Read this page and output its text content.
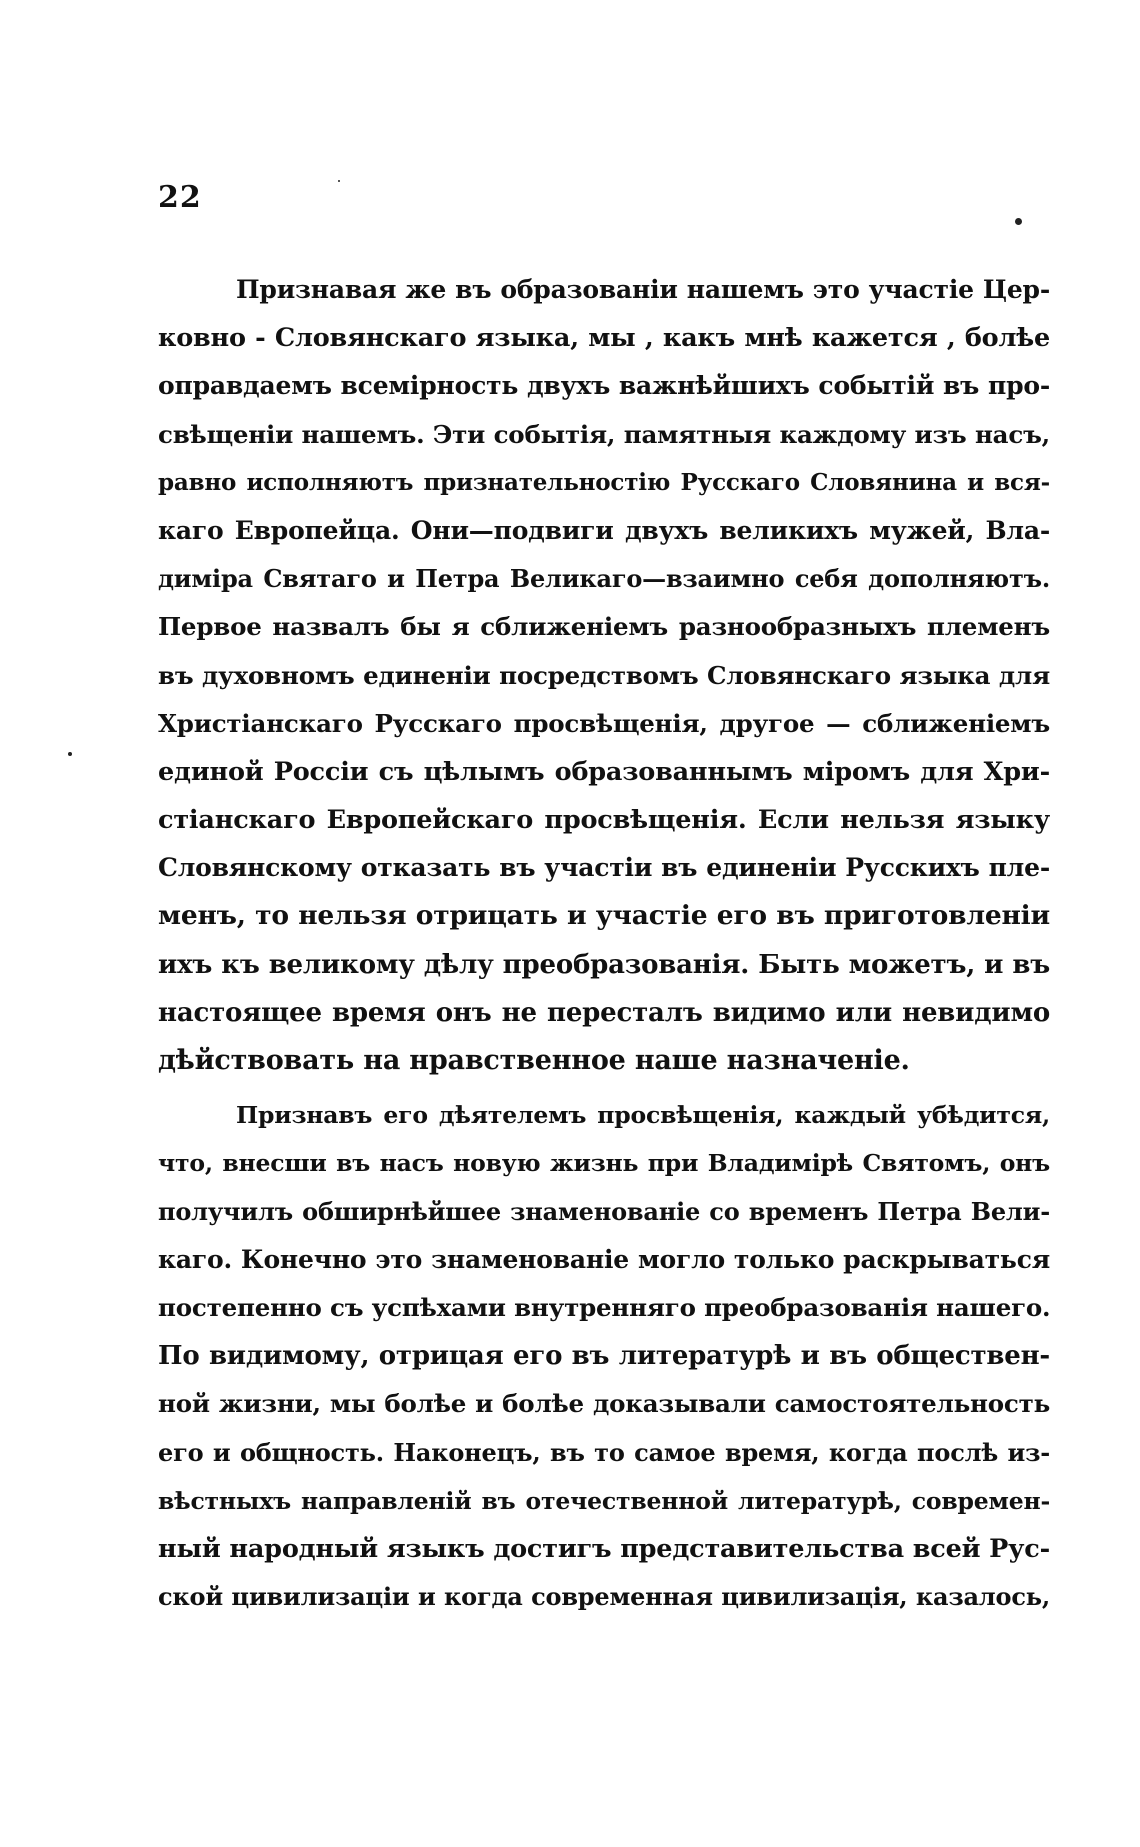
22
Признавая же въ образованіи нашемъ это участіе Цер-
ковно - Словянскаго языка, мы , какъ мнѣ кажется , болѣе
оправдаемъ всемірность двухъ важнѣйшихъ событій въ про-
свѣщеніи нашемъ. Эти событія, памятныя каждому изъ насъ,
равно исполняютъ признательностію Русскаго Словянина и вся-
каго Европейца. Они—подвиги двухъ великихъ мужей, Вла-
диміра Святаго и Петра Великаго—взаимно себя дополняютъ.
Первое назвалъ бы я сближеніемъ разнообразныхъ племенъ
въ духовномъ единеніи посредствомъ Словянскаго языка для
Христіанскаго Русскаго просвѣщенія, другое — сближеніемъ
единой Россіи съ цѣлымъ образованнымъ міромъ для Хри-
стіанскаго Европейскаго просвѣщенія. Если нельзя языку
Словянскому отказать въ участіи въ единеніи Русскихъ пле-
менъ, то нельзя отрицать и участіе его въ приготовленіи
ихъ къ великому дѣлу преобразованія. Быть можетъ, и въ
настоящее время онъ не пересталъ видимо или невидимо
дѣйствовать на нравственное наше назначеніе.
Признавъ его дѣятелемъ просвѣщенія, каждый убѣдится,
что, внесши въ насъ новую жизнь при Владимірѣ Святомъ, онъ
получилъ обширнѣйшее знаменованіе со временъ Петра Вели-
каго. Конечно это знаменованіе могло только раскрываться
постепенно съ успѣхами внутренняго преобразованія нашего.
По видимому, отрицая его въ литературѣ и въ обществен-
ной жизни, мы болѣе и болѣе доказывали самостоятельность
его и общность. Наконецъ, въ то самое время, когда послѣ из-
вѣстныхъ направленій въ отечественной литературѣ, современ-
ный народный языкъ достигъ представительства всей Рус-
ской цивилизаціи и когда современная цивилизація, казалось,
